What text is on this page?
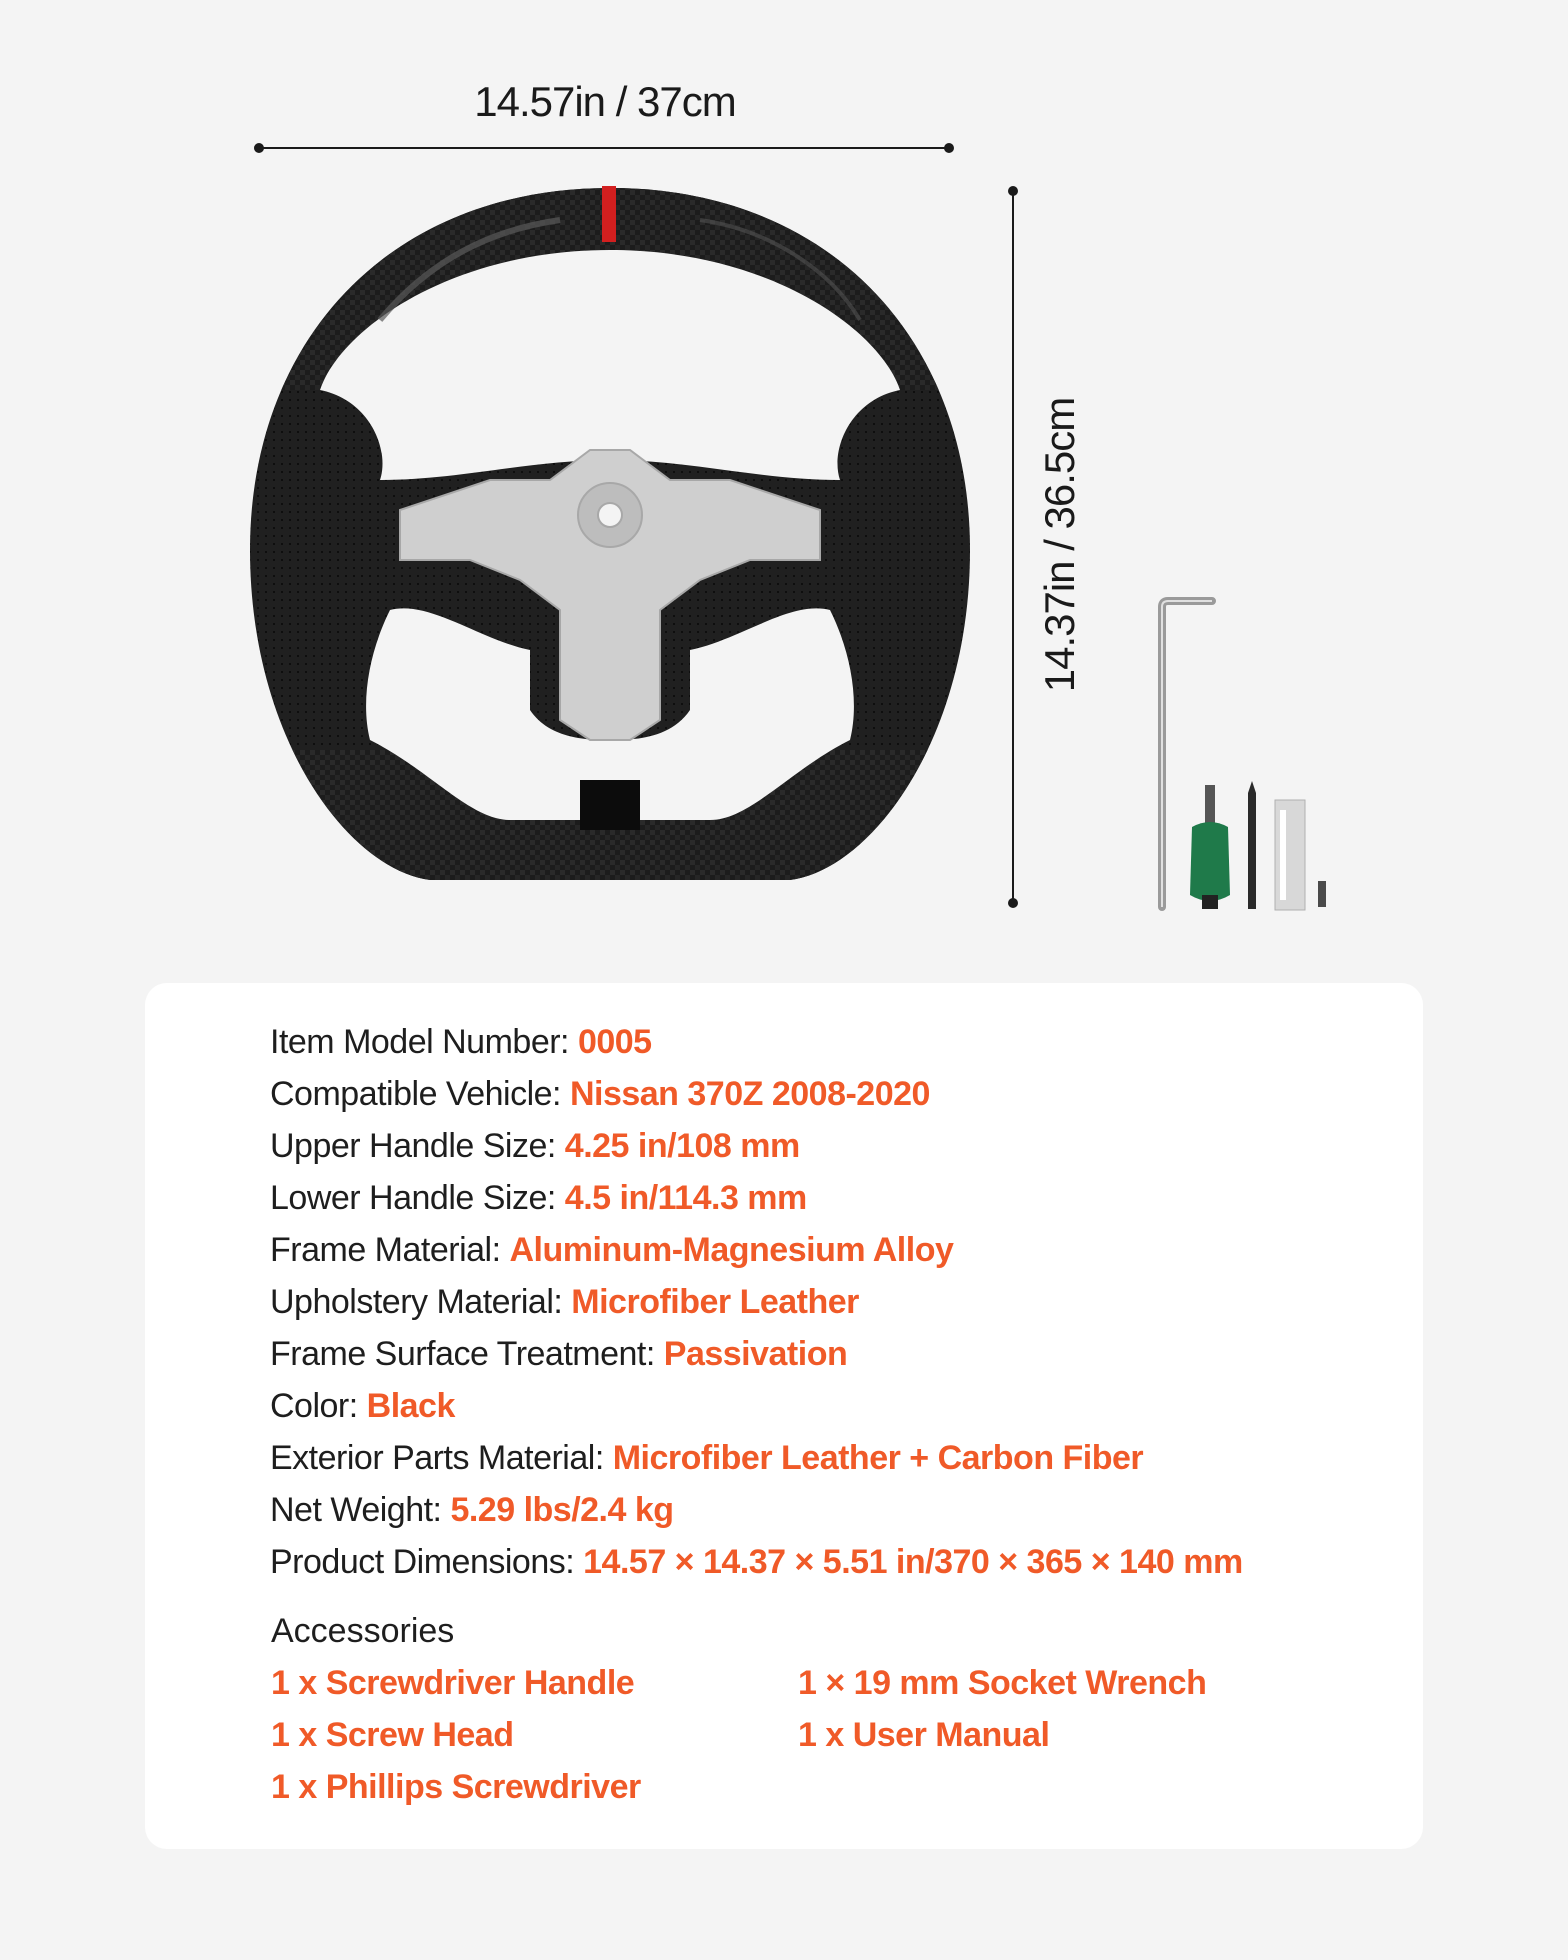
14.57in / 37cm
14.37in / 36.5cm
Item Model Number: 0005
Compatible Vehicle: Nissan 370Z 2008-2020
Upper Handle Size: 4.25 in/108 mm
Lower Handle Size: 4.5 in/114.3 mm
Frame Material: Aluminum-Magnesium Alloy
Upholstery Material: Microfiber Leather
Frame Surface Treatment: Passivation
Color: Black
Exterior Parts Material: Microfiber Leather + Carbon Fiber
Net Weight: 5.29 lbs/2.4 kg
Product Dimensions: 14.57 × 14.37 × 5.51 in/370 × 365 × 140 mm
Accessories
1 x Screwdriver Handle
1 x Screw Head
1 x Phillips Screwdriver
1 × 19 mm Socket Wrench
1 x User Manual
